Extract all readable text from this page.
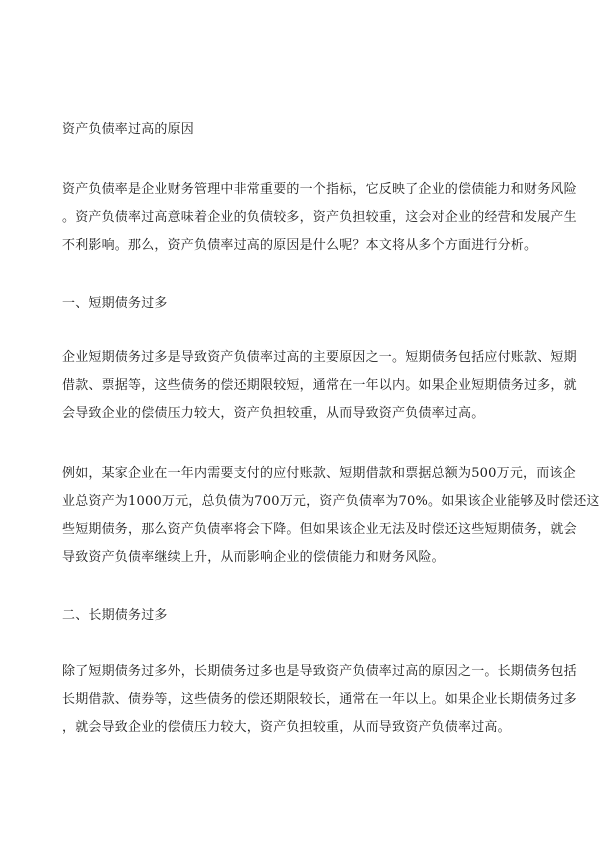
资产负债率过高的原因
资产负债率是企业财务管理中非常重要的一个指标，它反映了企业的偿债能力和财务风险
。资产负债率过高意味着企业的负债较多，资产负担较重，这会对企业的经营和发展产生
不利影响。那么，资产负债率过高的原因是什么呢？本文将从多个方面进行分析。
一、短期债务过多
企业短期债务过多是导致资产负债率过高的主要原因之一。短期债务包括应付账款、短期
借款、票据等，这些债务的偿还期限较短，通常在一年以内。如果企业短期债务过多，就
会导致企业的偿债压力较大，资产负担较重，从而导致资产负债率过高。
例如，某家企业在一年内需要支付的应付账款、短期借款和票据总额为500万元，而该企
业总资产为1000万元，总负债为700万元，资产负债率为70%。如果该企业能够及时偿还这
些短期债务，那么资产负债率将会下降。但如果该企业无法及时偿还这些短期债务，就会
导致资产负债率继续上升，从而影响企业的偿债能力和财务风险。
二、长期债务过多
除了短期债务过多外，长期债务过多也是导致资产负债率过高的原因之一。长期债务包括
长期借款、债券等，这些债务的偿还期限较长，通常在一年以上。如果企业长期债务过多
，就会导致企业的偿债压力较大，资产负担较重，从而导致资产负债率过高。
